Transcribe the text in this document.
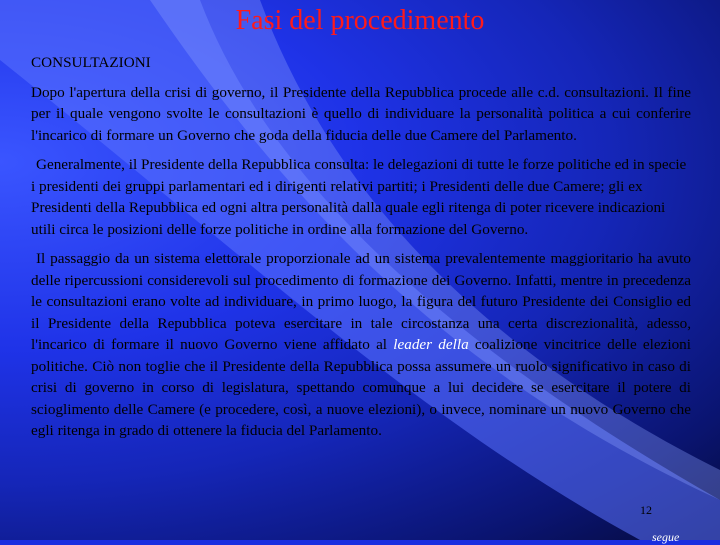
Fasi del procedimento
CONSULTAZIONI
Dopo l'apertura della crisi di governo, il Presidente della Repubblica procede alle c.d. consultazioni. Il fine per il quale vengono svolte le consultazioni è quello di individuare la personalità politica a cui conferire l'incarico di formare un Governo che goda della fiducia delle due Camere del Parlamento.
Generalmente, il Presidente della Repubblica consulta: le delegazioni di tutte le forze politiche ed in specie i presidenti dei gruppi parlamentari ed i dirigenti relativi partiti; i Presidenti delle due Camere; gli ex Presidenti della Repubblica ed ogni altra personalità dalla quale egli ritenga di poter ricevere indicazioni utili circa le posizioni delle forze politiche in ordine alla formazione del Governo.
Il passaggio da un sistema elettorale proporzionale ad un sistema prevalentemente maggioritario ha avuto delle ripercussioni considerevoli sul procedimento di formazione dei Governo. Infatti, mentre in precedenza le consultazioni erano volte ad individuare, in primo luogo, la figura del futuro Presidente dei Consiglio ed il Presidente della Repubblica poteva esercitare in tale circostanza una certa discrezionalità, adesso, l'incarico di formare il nuovo Governo viene affidato al leader della coalizione vincitrice delle elezioni politiche. Ciò non toglie che il Presidente della Repubblica possa assumere un ruolo significativo in caso di crisi di governo in corso di legislatura, spettando comunque a lui decidere se esercitare il potere di scioglimento delle Camere (e procedere, così, a nuove elezioni), o invece, nominare un nuovo Governo che egli ritenga in grado di ottenere la fiducia del Parlamento.
12
segue
